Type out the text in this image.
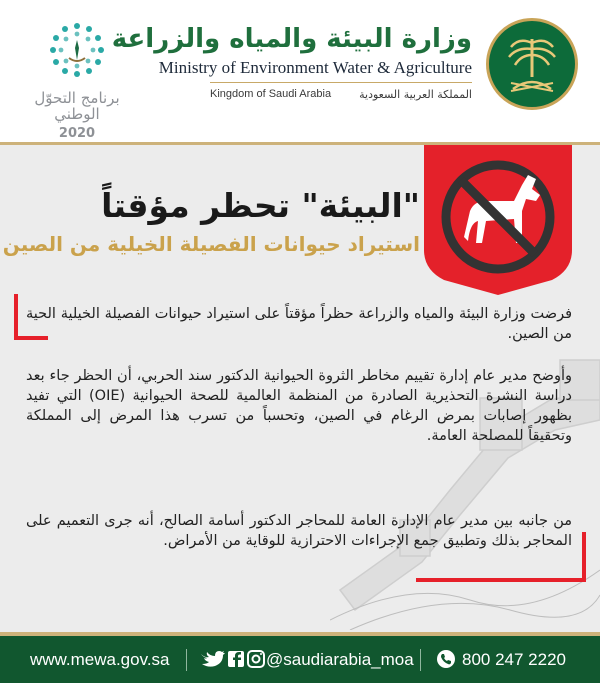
برنامج التحوّل الوطني
2020
وزارة البيئة والمياه والزراعة
Ministry of Environment Water & Agriculture
Kingdom of Saudi Arabia	المملكة العربية السعودية
"البيئة" تحظر مؤقتاً
استيراد حيوانات الفصيلة الخيلية من الصين
فرضت وزارة البيئة والمياه والزراعة حظراً مؤقتاً على استيراد حيوانات الفصيلة الخيلية الحية من الصين.
وأوضح مدير عام إدارة تقييم مخاطر الثروة الحيوانية الدكتور سند الحربي، أن الحظر جاء بعد دراسة النشرة التحذيرية الصادرة من المنظمة العالمية للصحة الحيوانية (OIE) التي تفيد بظهور إصابات بمرض الرغام في الصين، وتحسباً من تسرب هذا المرض إلى المملكة وتحقيقاً للمصلحة العامة.
من جانبه بين مدير عام الإدارة العامة للمحاجر الدكتور أسامة الصالح، أنه جرى التعميم على المحاجر بذلك وتطبيق جمع الإجراءات الاحترازية للوقاية من الأمراض.
www.mewa.gov.sa	@saudiarabia_moa	800 247 2220
